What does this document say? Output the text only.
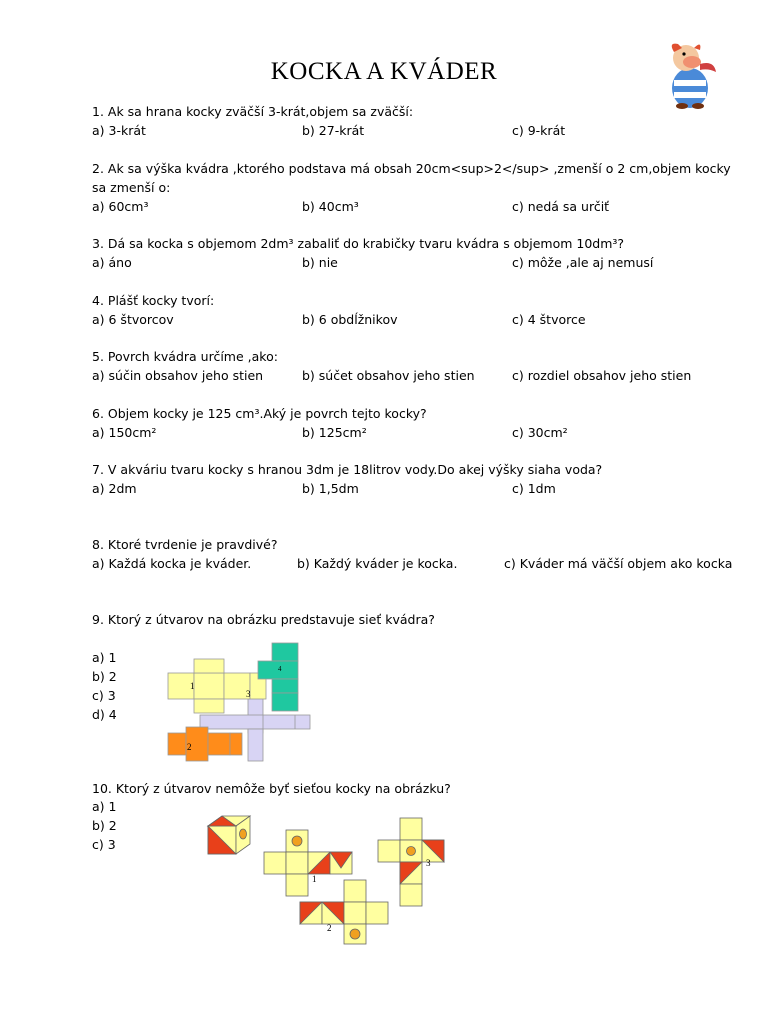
KOCKA A KVÁDER
1. Ak sa hrana kocky zväčší 3-krát,objem sa zväčší:
a) 3-krát	b) 27-krát	c) 9-krát
2. Ak sa výška kvádra ,ktorého podstava má obsah 20cm<sup>2</sup> ,zmenší o 2 cm,objem kocky
sa zmenší o:
a) 60cm³	b) 40cm³	c) nedá sa určiť
3. Dá sa kocka s objemom 2dm³ zabaliť do krabičky tvaru kvádra s objemom 10dm³?
a) áno	b) nie	c) môže ,ale aj nemusí
4. Plášť kocky tvorí:
a) 6 štvorcov	b) 6 obdĺžnikov	c) 4 štvorce
5. Povrch kvádra určíme ,ako:
a) súčin obsahov jeho stien	b) súčet obsahov jeho stien	c) rozdiel obsahov jeho stien
6. Objem kocky je 125 cm³.Aký je povrch tejto kocky?
a) 150cm²	b) 125cm²	c) 30cm²
7. V akváriu tvaru kocky s hranou 3dm je 18litrov vody.Do akej výšky siaha voda?
a) 2dm	b) 1,5dm	c) 1dm
8. Ktoré tvrdenie je pravdivé?
a) Každá kocka je kváder.	b) Každý kváder je kocka.	c) Kváder má väčší objem ako kocka
9. Ktorý z útvarov na obrázku predstavuje sieť kvádra?
a) 1
b) 2
c) 3
d) 4
1
2
3
4
10. Ktorý z útvarov nemôže byť sieťou kocky na obrázku?
a) 1
b) 2
c) 3
1
2
3
